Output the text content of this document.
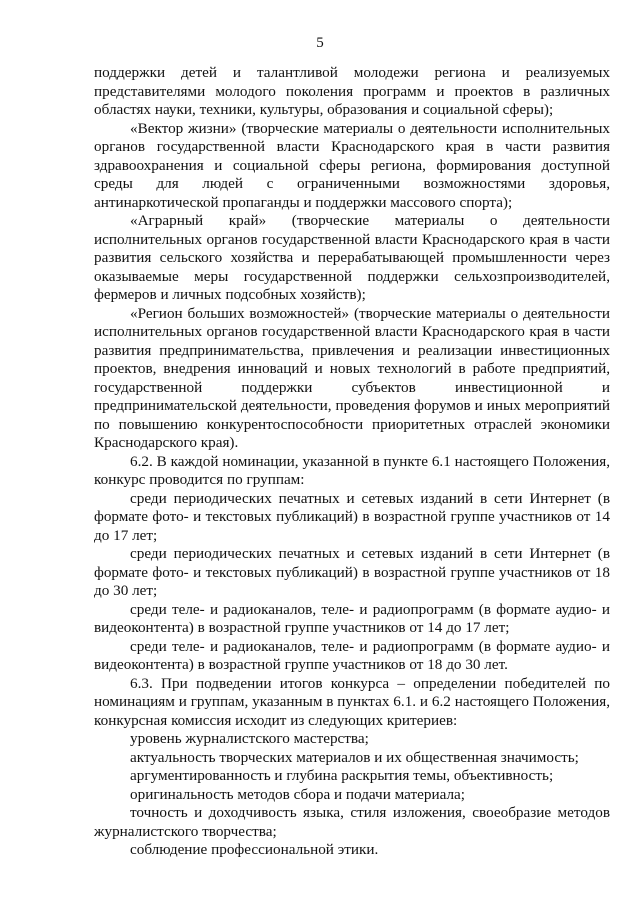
5

поддержки детей и талантливой молодежи региона и реализуемых представителями молодого поколения программ и проектов в различных областях науки, техники, культуры, образования и социальной сферы);

«Вектор жизни» (творческие материалы о деятельности исполнительных органов государственной власти Краснодарского края в части развития здравоохранения и социальной сферы региона, формирования доступной среды для людей с ограниченными возможностями здоровья, антинаркотической пропаганды и поддержки массового спорта);

«Аграрный край» (творческие материалы о деятельности исполнительных органов государственной власти Краснодарского края в части развития сельского хозяйства и перерабатывающей промышленности через оказываемые меры государственной поддержки сельхозпроизводителей, фермеров и личных подсобных хозяйств);

«Регион больших возможностей» (творческие материалы о деятельности исполнительных органов государственной власти Краснодарского края в части развития предпринимательства, привлечения и реализации инвестиционных проектов, внедрения инноваций и новых технологий в работе предприятий, государственной поддержки субъектов инвестиционной и предпринимательской деятельности, проведения форумов и иных мероприятий по повышению конкурентоспособности приоритетных отраслей экономики Краснодарского края).

6.2. В каждой номинации, указанной в пункте 6.1 настоящего Положения, конкурс проводится по группам:

среди периодических печатных и сетевых изданий в сети Интернет (в формате фото- и текстовых публикаций) в возрастной группе участников от 14 до 17 лет;

среди периодических печатных и сетевых изданий в сети Интернет (в формате фото- и текстовых публикаций) в возрастной группе участников от 18 до 30 лет;

среди теле- и радиоканалов, теле- и радиопрограмм (в формате аудио- и видеоконтента) в возрастной группе участников от 14 до 17 лет;

среди теле- и радиоканалов, теле- и радиопрограмм (в формате аудио- и видеоконтента) в возрастной группе участников от 18 до 30 лет.

6.3. При подведении итогов конкурса – определении победителей по номинациям и группам, указанным в пунктах 6.1. и 6.2 настоящего Положения, конкурсная комиссия исходит из следующих критериев:

уровень журналистского мастерства;

актуальность творческих материалов и их общественная значимость;

аргументированность и глубина раскрытия темы, объективность;

оригинальность методов сбора и подачи материала;

точность и доходчивость языка, стиля изложения, своеобразие методов журналистского творчества;

соблюдение профессиональной этики.
